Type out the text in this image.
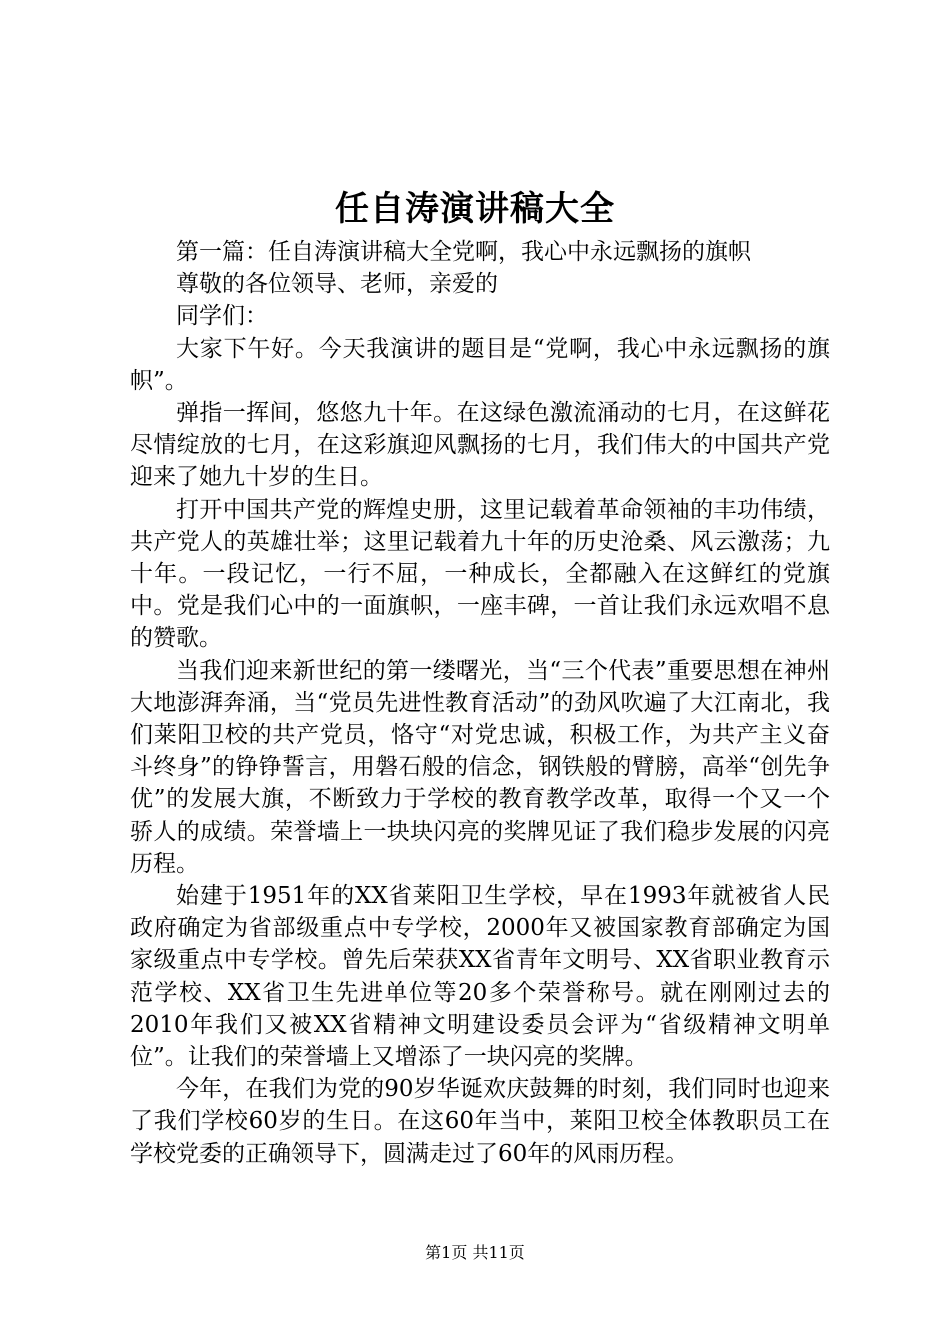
任自涛演讲稿大全

第一篇：任自涛演讲稿大全党啊，我心中永远飘扬的旗帜

尊敬的各位领导、老师，亲爱的

同学们：

大家下午好。今天我演讲的题目是“党啊，我心中永远飘扬的旗帜”。

弹指一挥间，悠悠九十年。在这绿色激流涌动的七月，在这鲜花尽情绽放的七月，在这彩旗迎风飘扬的七月，我们伟大的中国共产党迎来了她九十岁的生日。

打开中国共产党的辉煌史册，这里记载着革命领袖的丰功伟绩，共产党人的英雄壮举；这里记载着九十年的历史沧桑、风云激荡；九十年。一段记忆，一行不屈，一种成长，全都融入在这鲜红的党旗中。党是我们心中的一面旗帜，一座丰碑，一首让我们永远欢唱不息的赞歌。

当我们迎来新世纪的第一缕曙光，当“三个代表”重要思想在神州大地澎湃奔涌，当“党员先进性教育活动”的劲风吹遍了大江南北，我们莱阳卫校的共产党员，恪守“对党忠诚，积极工作，为共产主义奋斗终身”的铮铮誓言，用磐石般的信念，钢铁般的臂膀，高举“创先争优”的发展大旗，不断致力于学校的教育教学改革，取得一个又一个骄人的成绩。荣誉墙上一块块闪亮的奖牌见证了我们稳步发展的闪亮历程。

始建于1951年的XX省莱阳卫生学校，早在1993年就被省人民政府确定为省部级重点中专学校，2000年又被国家教育部确定为国家级重点中专学校。曾先后荣获XX省青年文明号、XX省职业教育示范学校、XX省卫生先进单位等20多个荣誉称号。就在刚刚过去的2010年我们又被XX省精神文明建设委员会评为“省级精神文明单位”。让我们的荣誉墙上又增添了一块闪亮的奖牌。

今年，在我们为党的90岁华诞欢庆鼓舞的时刻，我们同时也迎来了我们学校60岁的生日。在这60年当中，莱阳卫校全体教职员工在学校党委的正确领导下，圆满走过了60年的风雨历程。

第1页 共11页
